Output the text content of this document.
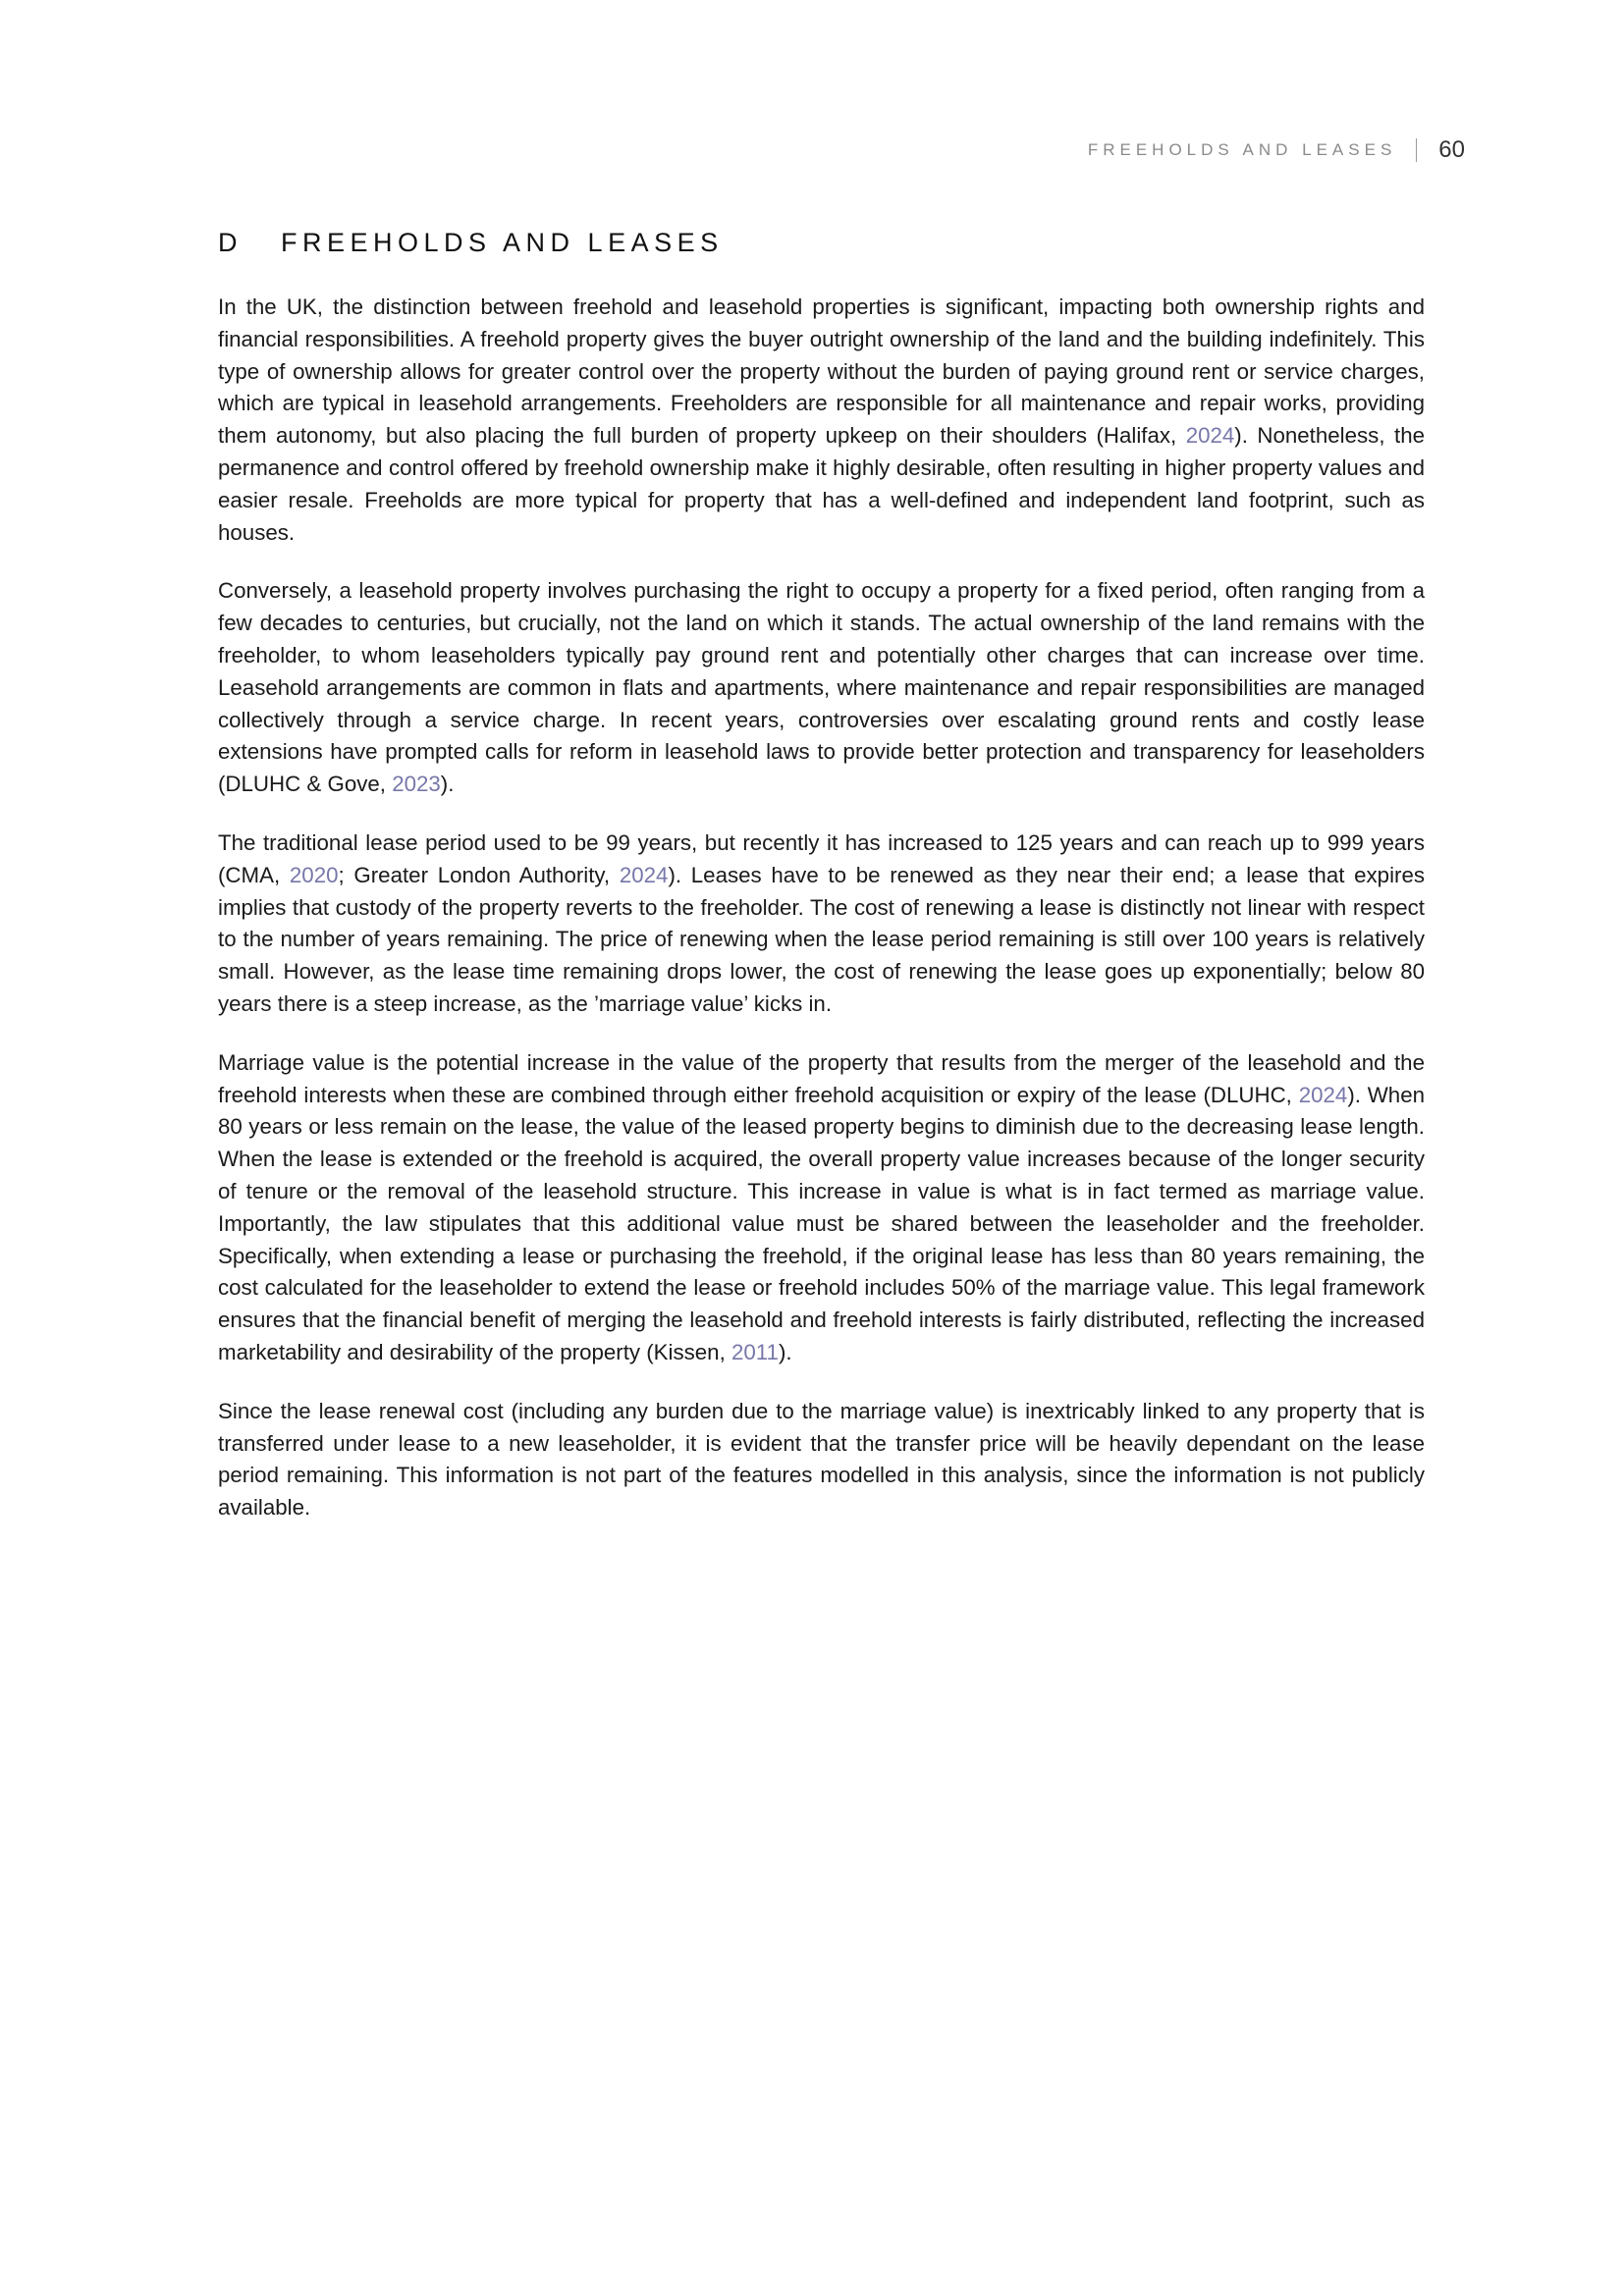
FREEHOLDS AND LEASES 60
D	FREEHOLDS AND LEASES

In the UK, the distinction between freehold and leasehold properties is significant, impacting both ownership rights and financial responsibilities. A freehold property gives the buyer outright ownership of the land and the building indefinitely. This type of ownership allows for greater control over the property without the burden of paying ground rent or service charges, which are typical in leasehold arrangements. Freeholders are responsible for all maintenance and repair works, providing them autonomy, but also placing the full burden of property upkeep on their shoulders (Halifax, 2024). Nonetheless, the permanence and control offered by freehold ownership make it highly desirable, often resulting in higher property values and easier resale. Freeholds are more typical for property that has a well-defined and independent land footprint, such as houses.

Conversely, a leasehold property involves purchasing the right to occupy a property for a fixed period, often ranging from a few decades to centuries, but crucially, not the land on which it stands. The actual ownership of the land remains with the freeholder, to whom leaseholders typically pay ground rent and potentially other charges that can increase over time. Leasehold arrangements are common in flats and apartments, where maintenance and repair responsibilities are managed collectively through a service charge. In recent years, controversies over escalating ground rents and costly lease extensions have prompted calls for reform in leasehold laws to provide better protection and transparency for leaseholders (DLUHC & Gove, 2023).

The traditional lease period used to be 99 years, but recently it has increased to 125 years and can reach up to 999 years (CMA, 2020; Greater London Authority, 2024). Leases have to be renewed as they near their end; a lease that expires implies that custody of the property reverts to the freeholder. The cost of renewing a lease is distinctly not linear with respect to the number of years remaining. The price of renewing when the lease period remaining is still over 100 years is relatively small. However, as the lease time remaining drops lower, the cost of renewing the lease goes up exponentially; below 80 years there is a steep increase, as the ’marriage value’ kicks in.

Marriage value is the potential increase in the value of the property that results from the merger of the leasehold and the freehold interests when these are combined through either freehold acquisition or expiry of the lease (DLUHC, 2024). When 80 years or less remain on the lease, the value of the leased property begins to diminish due to the decreasing lease length. When the lease is extended or the freehold is acquired, the overall property value increases because of the longer security of tenure or the removal of the leasehold structure. This increase in value is what is in fact termed as marriage value. Importantly, the law stipulates that this additional value must be shared between the leaseholder and the freeholder. Specifically, when extending a lease or purchasing the freehold, if the original lease has less than 80 years remaining, the cost calculated for the leaseholder to extend the lease or freehold includes 50% of the marriage value. This legal framework ensures that the financial benefit of merging the leasehold and freehold interests is fairly distributed, reflecting the increased marketability and desirability of the property (Kissen, 2011).

Since the lease renewal cost (including any burden due to the marriage value) is inextricably linked to any property that is transferred under lease to a new leaseholder, it is evident that the transfer price will be heavily dependant on the lease period remaining. This information is not part of the features modelled in this analysis, since the information is not publicly available.
